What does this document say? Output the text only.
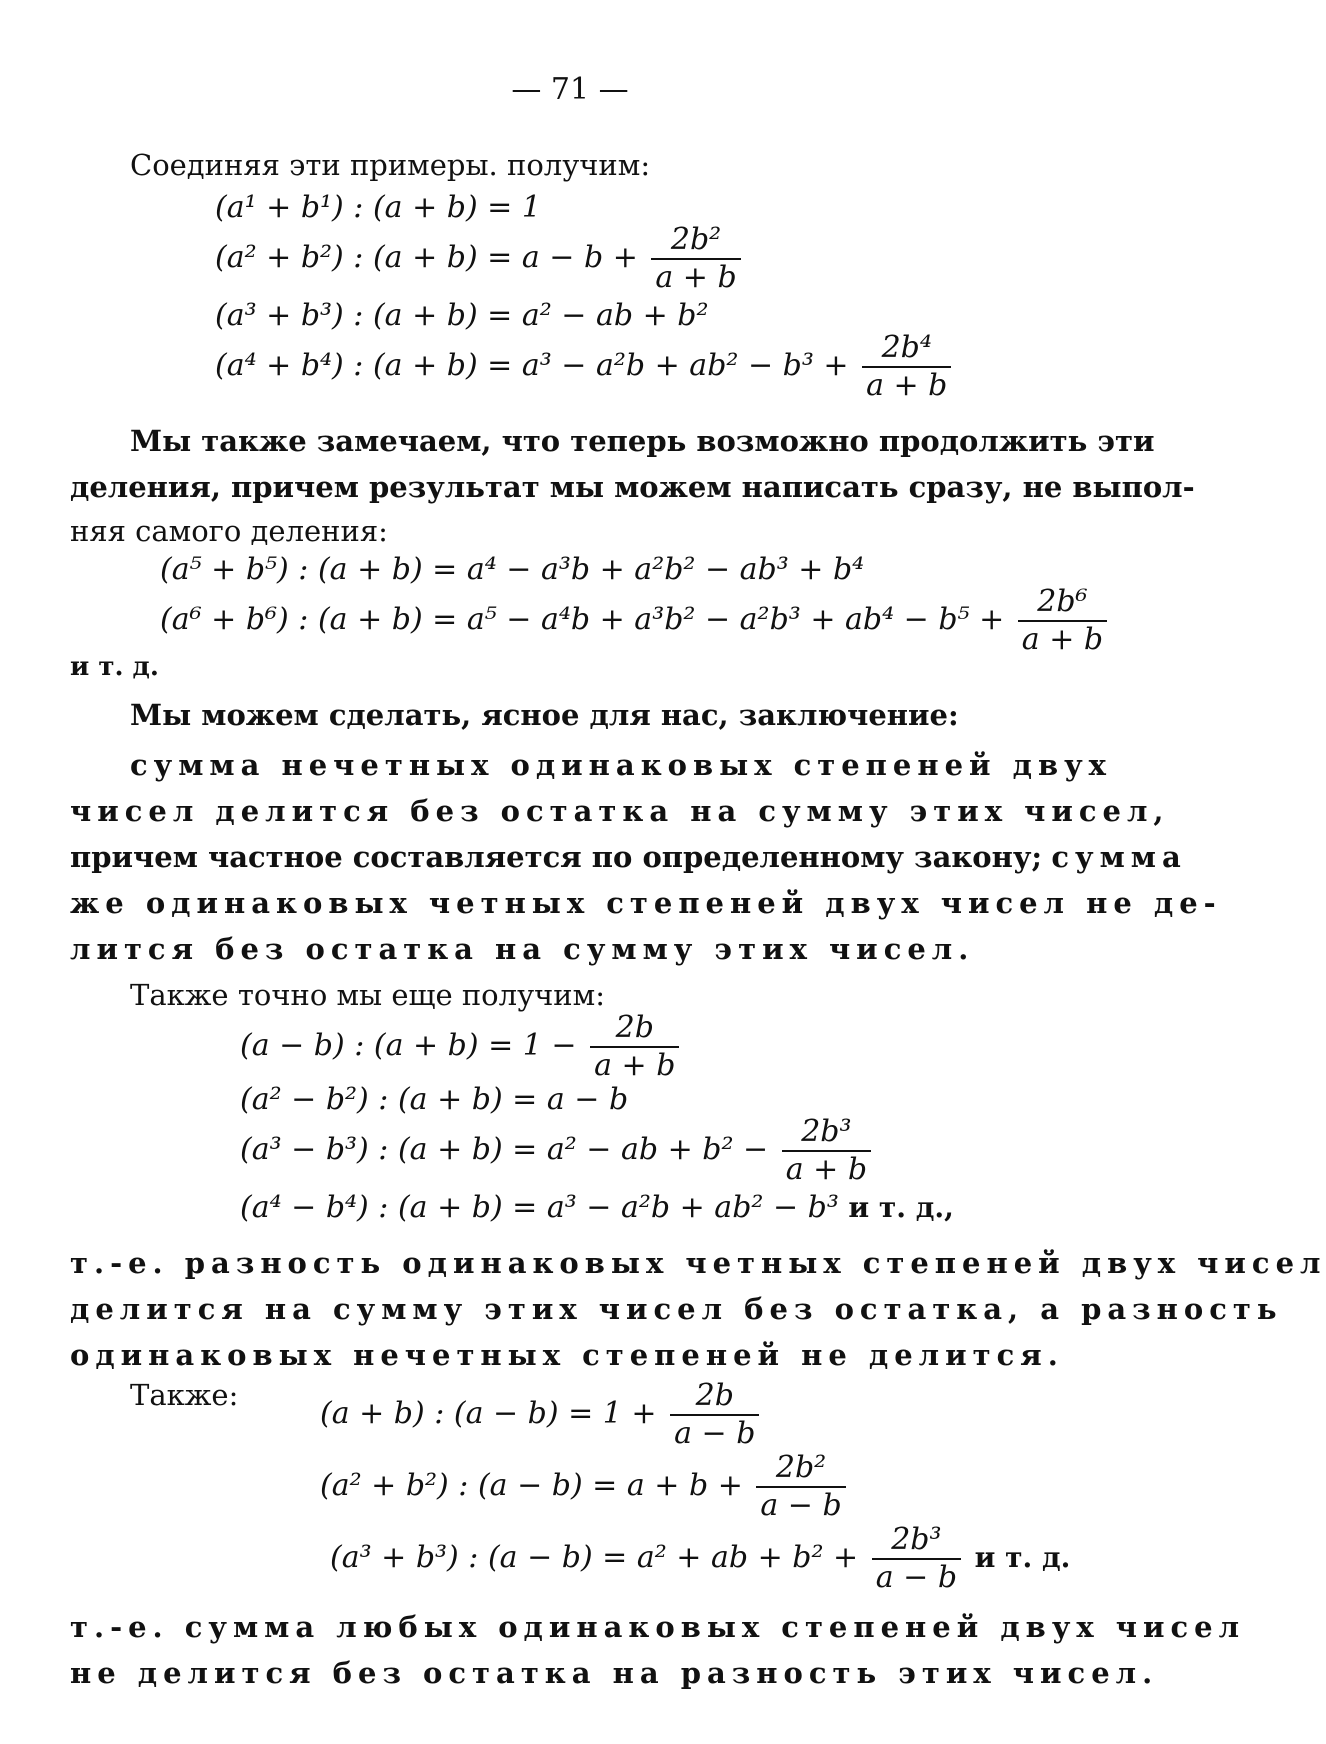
— 71 —
Соединяя эти примеры. получим:
(a¹ + b¹) : (a + b) = 1
(a² + b²) : $(a + b) = a - b + \frac{\text{2b²}}{a + b}$
(a³ + b³) : (a + b) = a² − ab + b²
(a⁴ + b⁴) : $(a + b) = a^3 - a^2b + ab^2 - b^3 + \frac{\text{2b⁴}}{a + b}$
Мы также замечаем, что теперь возможно продолжить эти
деления, причем результат мы можем написать сразу, не выпол-
няя самого деления:
(a⁵ + b⁵) : (a + b) = a⁴ − a³b + a²b² − ab³ + b⁴
(a⁶ + b⁶) : $(a + b) = a^5 - a^4b + a^3b^2 - a^2b^3 + ab^4 - b^5 + \frac{\text{2b⁶}}{a + b}$
и т. д.
Мы можем сделать, ясное для нас, заключение:
сумма нечетных одинаковых степеней двух
чисел делится без остатка на сумму этих чисел,
причем частное составляется по определенному закону; сумма
же одинаковых четных степеней двух чисел не де-
лится без остатка на сумму этих чисел.
Также точно мы еще получим:
(a − b) : $(a + b) = 1 - \frac{2b}{a + b}$
(a² − b²) : (a + b) = a − b
(a³ − b³) : (a + b) = a² − ab + $b^2 - \frac{\text{2b³}}{a + b}$
(a⁴ − b⁴) : (a + b) = a³ − a²b + ab² − b³ и т. д.,
т.-е. разность одинаковых четных степеней двух чисел
делится на сумму этих чисел без остатка, а разность
одинаковых нечетных степеней не делится.
Также:
(a + b) : $(a - b) = 1 + \frac{2b}{a - b}$
(a² + b²) : $(a - b) = a + b + \frac{\text{2b²}}{a - b}$
(a³ + b³) : (a − b) = a² + ab + $b^2 + \frac{\text{2b³}}{a - b}$ и т. д.
т.-е. сумма любых одинаковых степеней двух чисел
не делится без остатка на разность этих чисел.
